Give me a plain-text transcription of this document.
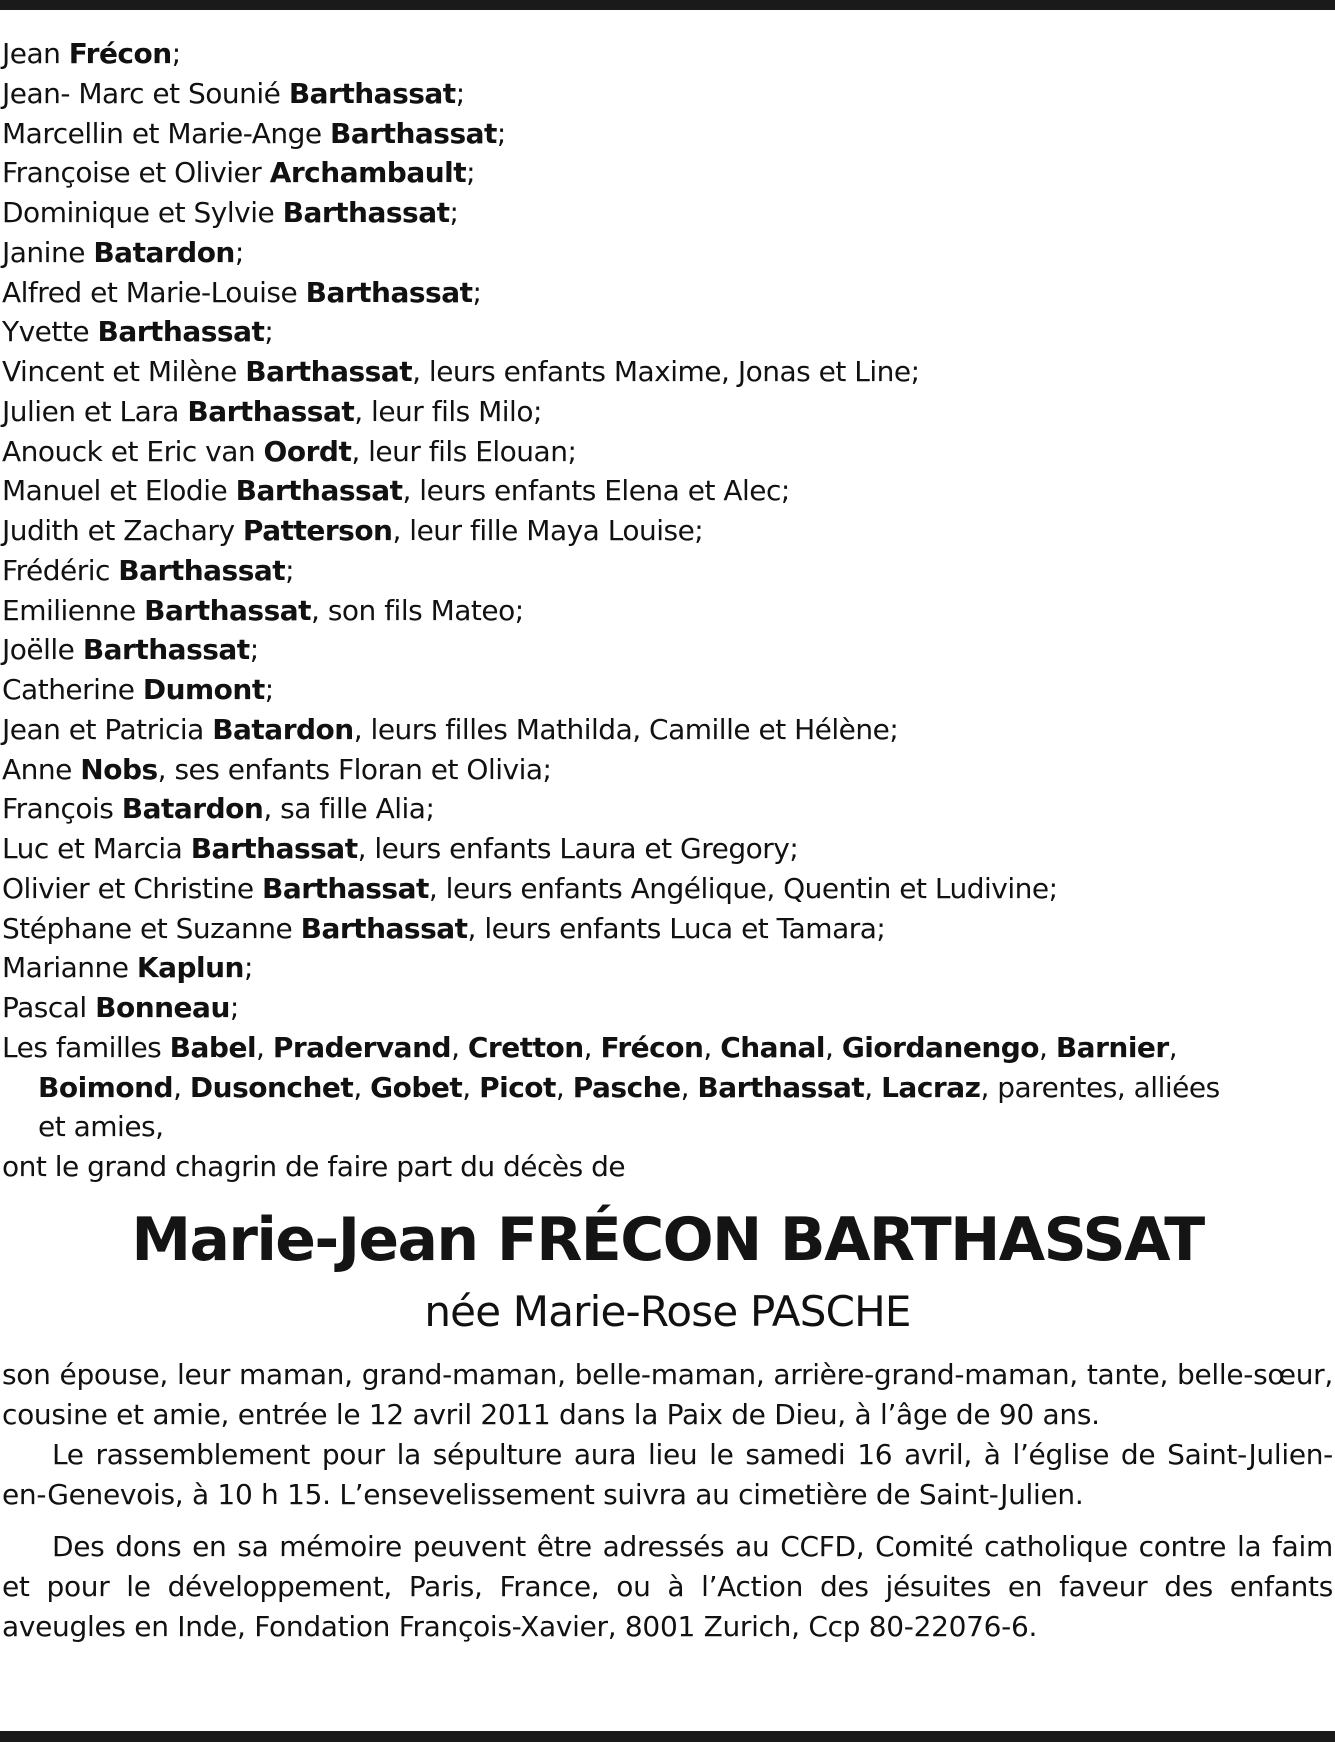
Jean Frécon;
Jean- Marc et Sounié Barthassat;
Marcellin et Marie-Ange Barthassat;
Françoise et Olivier Archambault;
Dominique et Sylvie Barthassat;
Janine Batardon;
Alfred et Marie-Louise Barthassat;
Yvette Barthassat;
Vincent et Milène Barthassat, leurs enfants Maxime, Jonas et Line;
Julien et Lara Barthassat, leur fils Milo;
Anouck et Eric van Oordt, leur fils Elouan;
Manuel et Elodie Barthassat, leurs enfants Elena et Alec;
Judith et Zachary Patterson, leur fille Maya Louise;
Frédéric Barthassat;
Emilienne Barthassat, son fils Mateo;
Joëlle Barthassat;
Catherine Dumont;
Jean et Patricia Batardon, leurs filles Mathilda, Camille et Hélène;
Anne Nobs, ses enfants Floran et Olivia;
François Batardon, sa fille Alia;
Luc et Marcia Barthassat, leurs enfants Laura et Gregory;
Olivier et Christine Barthassat, leurs enfants Angélique, Quentin et Ludivine;
Stéphane et Suzanne Barthassat, leurs enfants Luca et Tamara;
Marianne Kaplun;
Pascal Bonneau;
Les familles Babel, Pradervand, Cretton, Frécon, Chanal, Giordanengo, Barnier,
Boimond, Dusonchet, Gobet, Picot, Pasche, Barthassat, Lacraz, parentes, alliées
et amies,
ont le grand chagrin de faire part du décès de
Marie-Jean FRÉCON BARTHASSAT
née Marie-Rose PASCHE

son épouse, leur maman, grand-maman, belle-maman, arrière-grand-maman, tante, belle-sœur, cousine et amie, entrée le 12 avril 2011 dans la Paix de Dieu, à l’âge de 90 ans.

Le rassemblement pour la sépulture aura lieu le samedi 16 avril, à l’église de Saint-Julien-en-Genevois, à 10 h 15. L’ensevelissement suivra au cimetière de Saint-Julien.

Des dons en sa mémoire peuvent être adressés au CCFD, Comité catholique contre la faim et pour le développement, Paris, France, ou à l’Action des jésuites en faveur des enfants aveugles en Inde, Fondation François-Xavier, 8001 Zurich, Ccp 80-22076-6.
